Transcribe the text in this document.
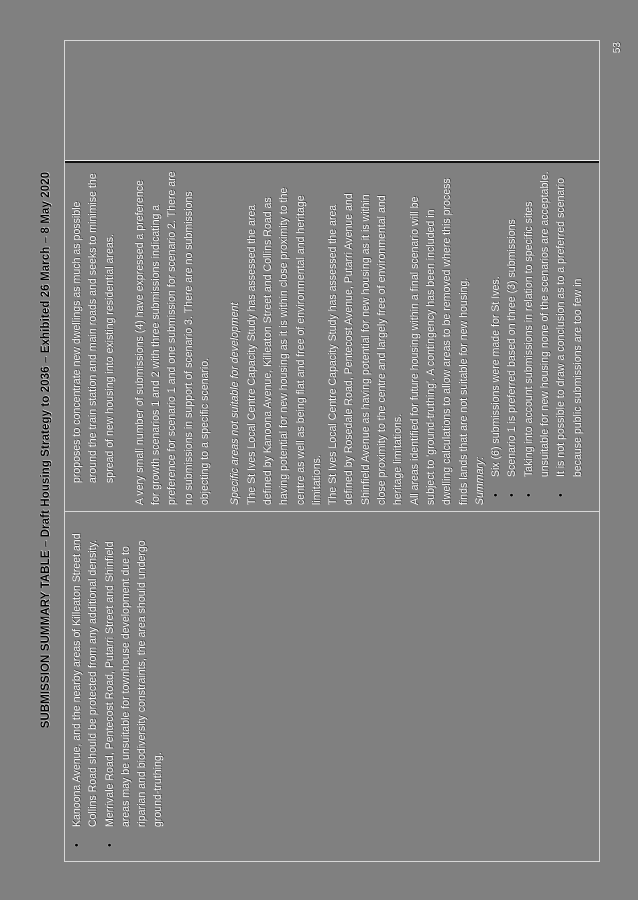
53
SUBMISSION SUMMARY TABLE – Draft Housing Strategy to 2036 – Exhibited 26 March – 8 May 2020 • Kanoona Avenue, and the nearby areas of Killeaton Street and Collins Road should be protected from any additional density. • Merrivale Road, Pentecost Road, Putarri Street and Shinfield areas may be unsuitable for townhouse development due to riparian and biodiversity constraints, the area should undergo ground-truthing.

proposes to concentrate new dwellings as much as possible around the train station and main roads and seeks to minimise the spread of new housing into existing residential areas. A very small number of submissions (4) have expressed a preference for growth scenarios 1 and 2 with three submissions indicating a preference for scenario 1 and one submission for scenario 2. There are no submissions in support of scenario 3. There are no submissions objecting to a specific scenario. Specific areas not suitable for development The St Ives Local Centre Capacity Study has assessed the area defined by Kanoona Avenue, Killeaton Street and Collins Road as having potential for new housing as it is within close proximity to the centre as well as being flat and free of environmental and heritage limitations. The St Ives Local Centre Capacity Study has assessed the area defined by Rosedale Road, Pentecost Avenue, Putarri Avenue and Shinfield Avenue as having potential for new housing as it is within close proximity to the centre and largely free of environmental and heritage limitations. All areas identified for future housing within a final scenario will be subject to 'ground-truthing'. A contingency has been included in dwelling calculations to allow areas to be removed where this process finds lands that are not suitable for new housing. Summary:

• Six (6) submissions were made for St Ives. • Scenario 1 is preferred based on three (3) submissions • Taking into account submissions in relation to specific sites unsuitable for new housing none of the scenarios are acceptable. • It is not possible to draw a conclusion as to a preferred scenario because public submissions are too few in
